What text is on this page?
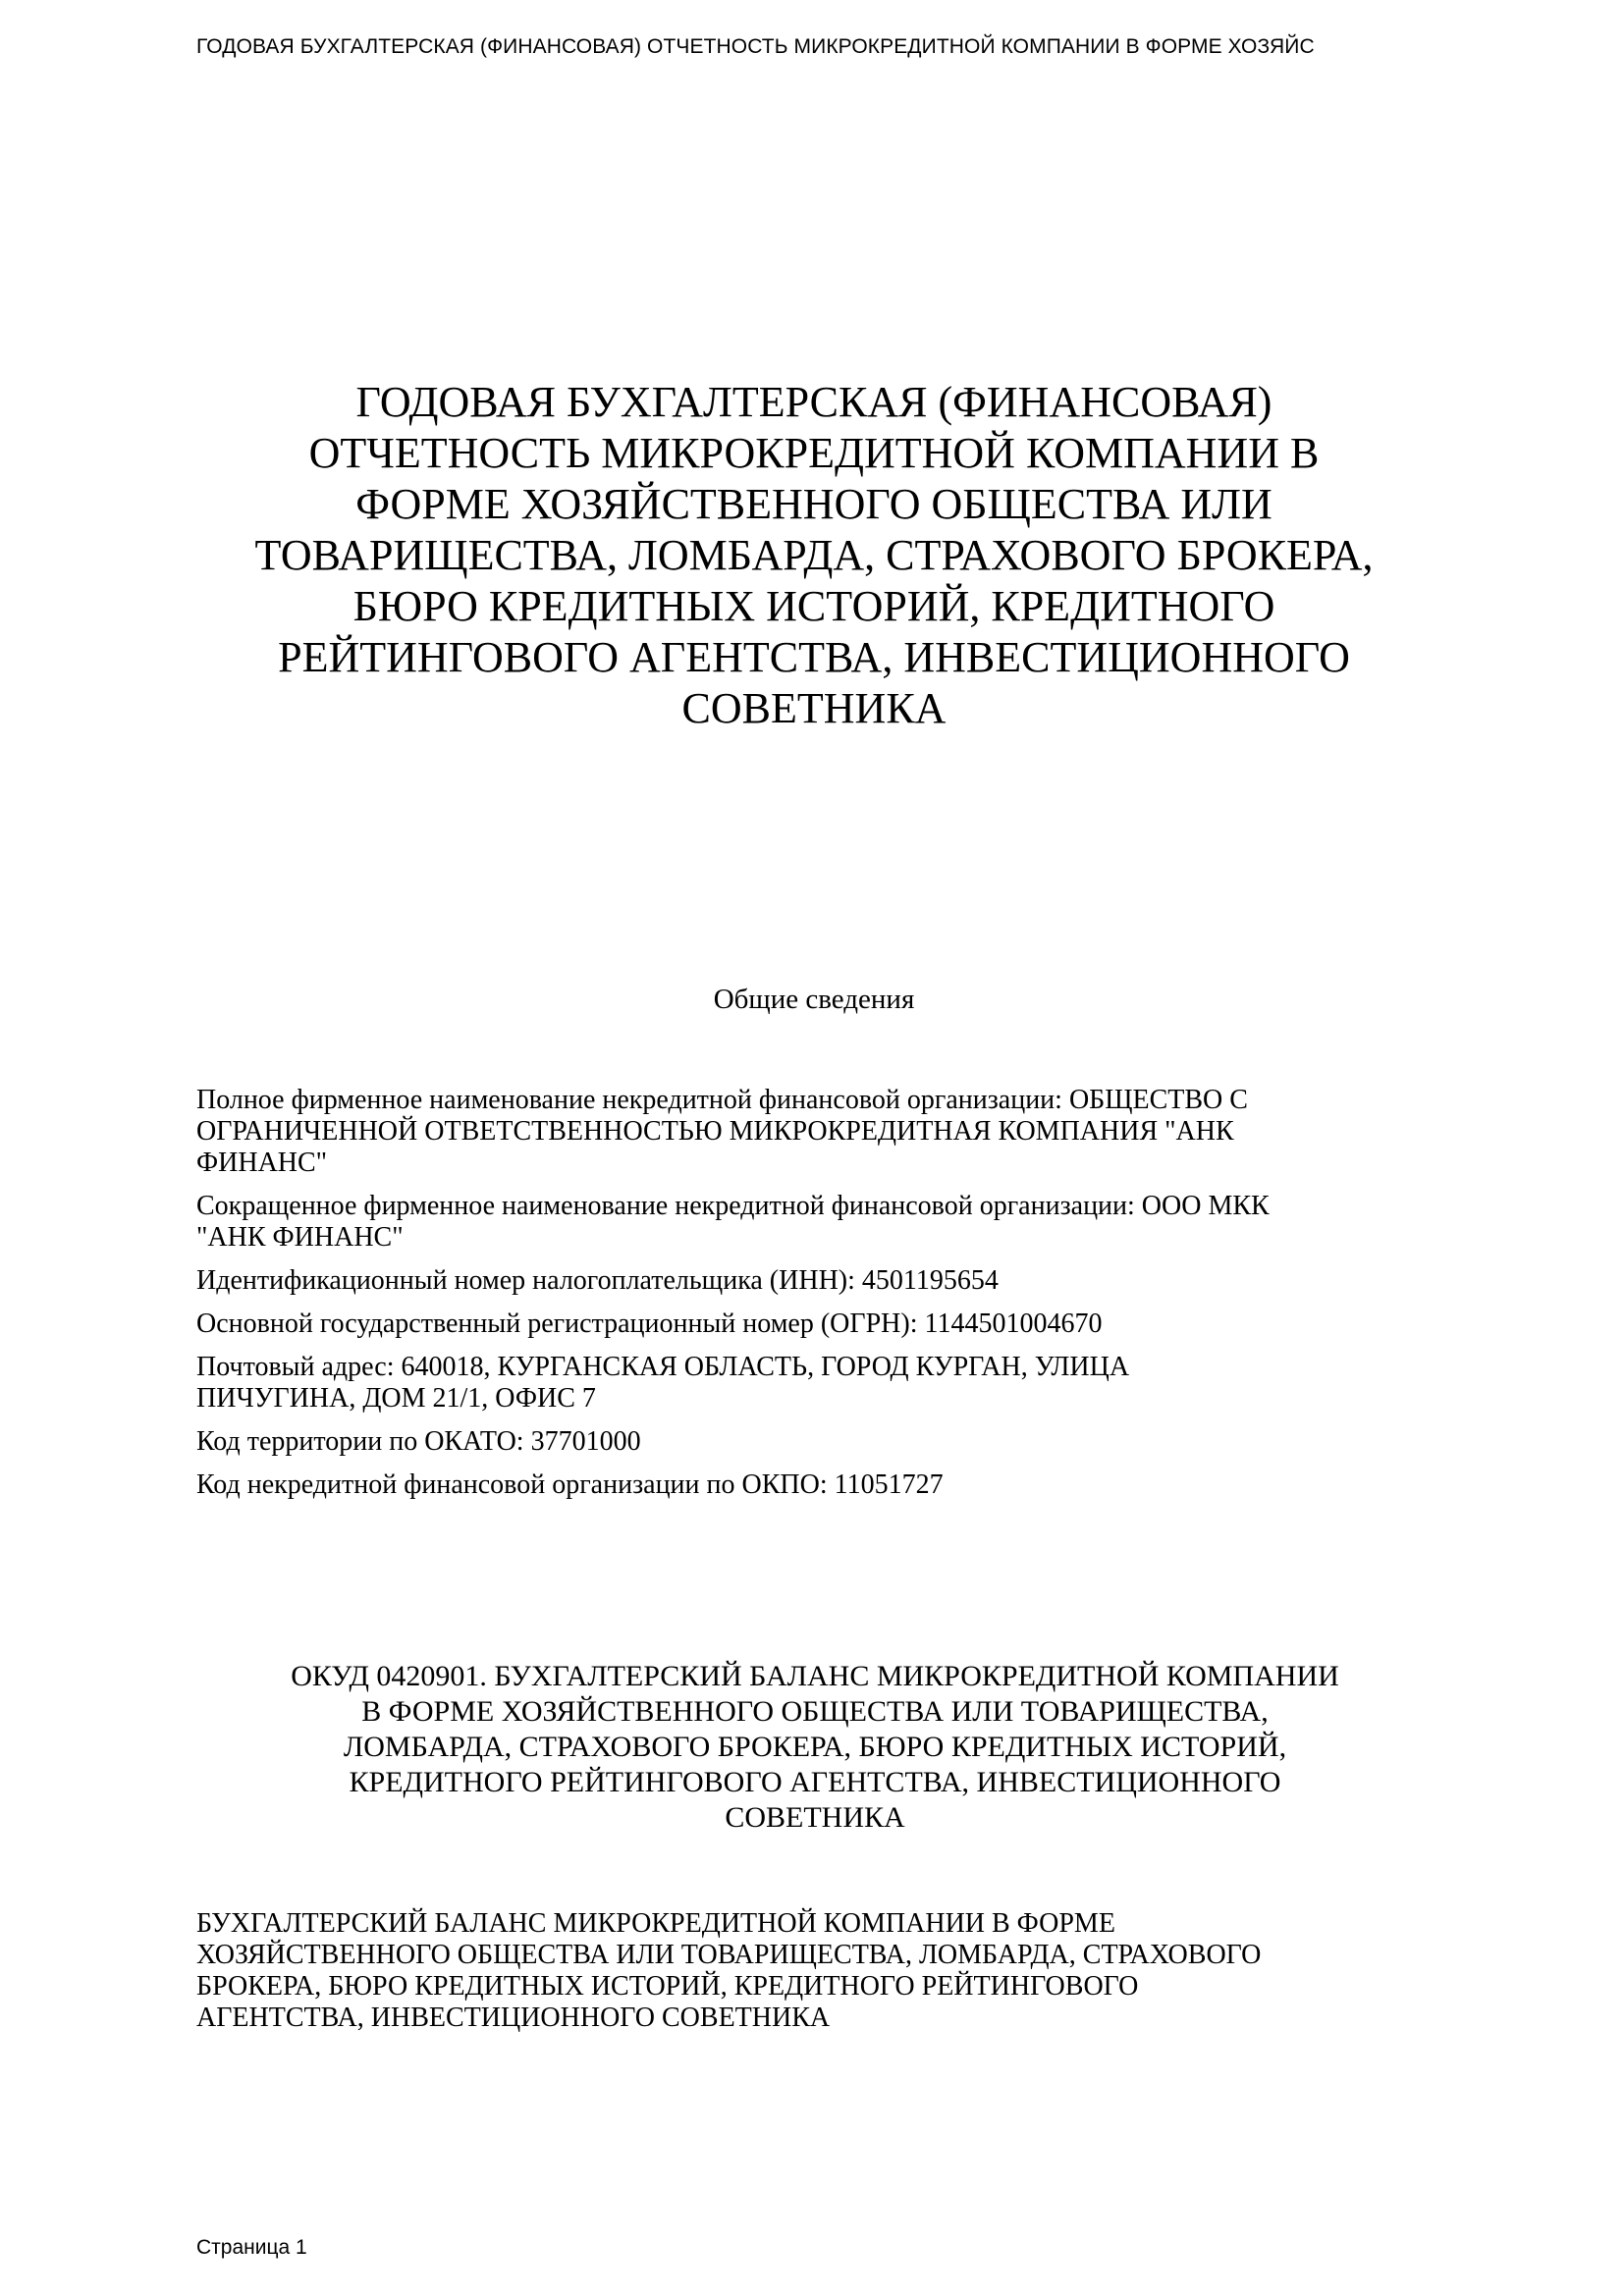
ГОДОВАЯ БУХГАЛТЕРСКАЯ (ФИНАНСОВАЯ) ОТЧЕТНОСТЬ МИКРОКРЕДИТНОЙ КОМПАНИИ В ФОРМЕ ХОЗЯЙС
ГОДОВАЯ БУХГАЛТЕРСКАЯ (ФИНАНСОВАЯ)
ОТЧЕТНОСТЬ МИКРОКРЕДИТНОЙ КОМПАНИИ В
ФОРМЕ ХОЗЯЙСТВЕННОГО ОБЩЕСТВА ИЛИ
ТОВАРИЩЕСТВА, ЛОМБАРДА, СТРАХОВОГО БРОКЕРА,
БЮРО КРЕДИТНЫХ ИСТОРИЙ, КРЕДИТНОГО
РЕЙТИНГОВОГО АГЕНТСТВА, ИНВЕСТИЦИОННОГО
СОВЕТНИКА
Общие сведения
Полное фирменное наименование некредитной финансовой организации: ОБЩЕСТВО С
ОГРАНИЧЕННОЙ ОТВЕТСТВЕННОСТЬЮ МИКРОКРЕДИТНАЯ КОМПАНИЯ "АНК
ФИНАНС"
Сокращенное фирменное наименование некредитной финансовой организации: ООО МКК
"АНК ФИНАНС"
Идентификационный номер налогоплательщика (ИНН): 4501195654
Основной государственный регистрационный номер (ОГРН): 1144501004670
Почтовый адрес: 640018, КУРГАНСКАЯ ОБЛАСТЬ, ГОРОД КУРГАН, УЛИЦА
ПИЧУГИНА, ДОМ 21/1, ОФИС 7
Код территории по ОКАТО: 37701000
Код некредитной финансовой организации по ОКПО: 11051727
ОКУД 0420901. БУХГАЛТЕРСКИЙ БАЛАНС МИКРОКРЕДИТНОЙ КОМПАНИИ
В ФОРМЕ ХОЗЯЙСТВЕННОГО ОБЩЕСТВА ИЛИ ТОВАРИЩЕСТВА,
ЛОМБАРДА, СТРАХОВОГО БРОКЕРА, БЮРО КРЕДИТНЫХ ИСТОРИЙ,
КРЕДИТНОГО РЕЙТИНГОВОГО АГЕНТСТВА, ИНВЕСТИЦИОННОГО
СОВЕТНИКА
БУХГАЛТЕРСКИЙ БАЛАНС МИКРОКРЕДИТНОЙ КОМПАНИИ В ФОРМЕ
ХОЗЯЙСТВЕННОГО ОБЩЕСТВА ИЛИ ТОВАРИЩЕСТВА, ЛОМБАРДА, СТРАХОВОГО
БРОКЕРА, БЮРО КРЕДИТНЫХ ИСТОРИЙ, КРЕДИТНОГО РЕЙТИНГОВОГО
АГЕНТСТВА, ИНВЕСТИЦИОННОГО СОВЕТНИКА
Страница 1
